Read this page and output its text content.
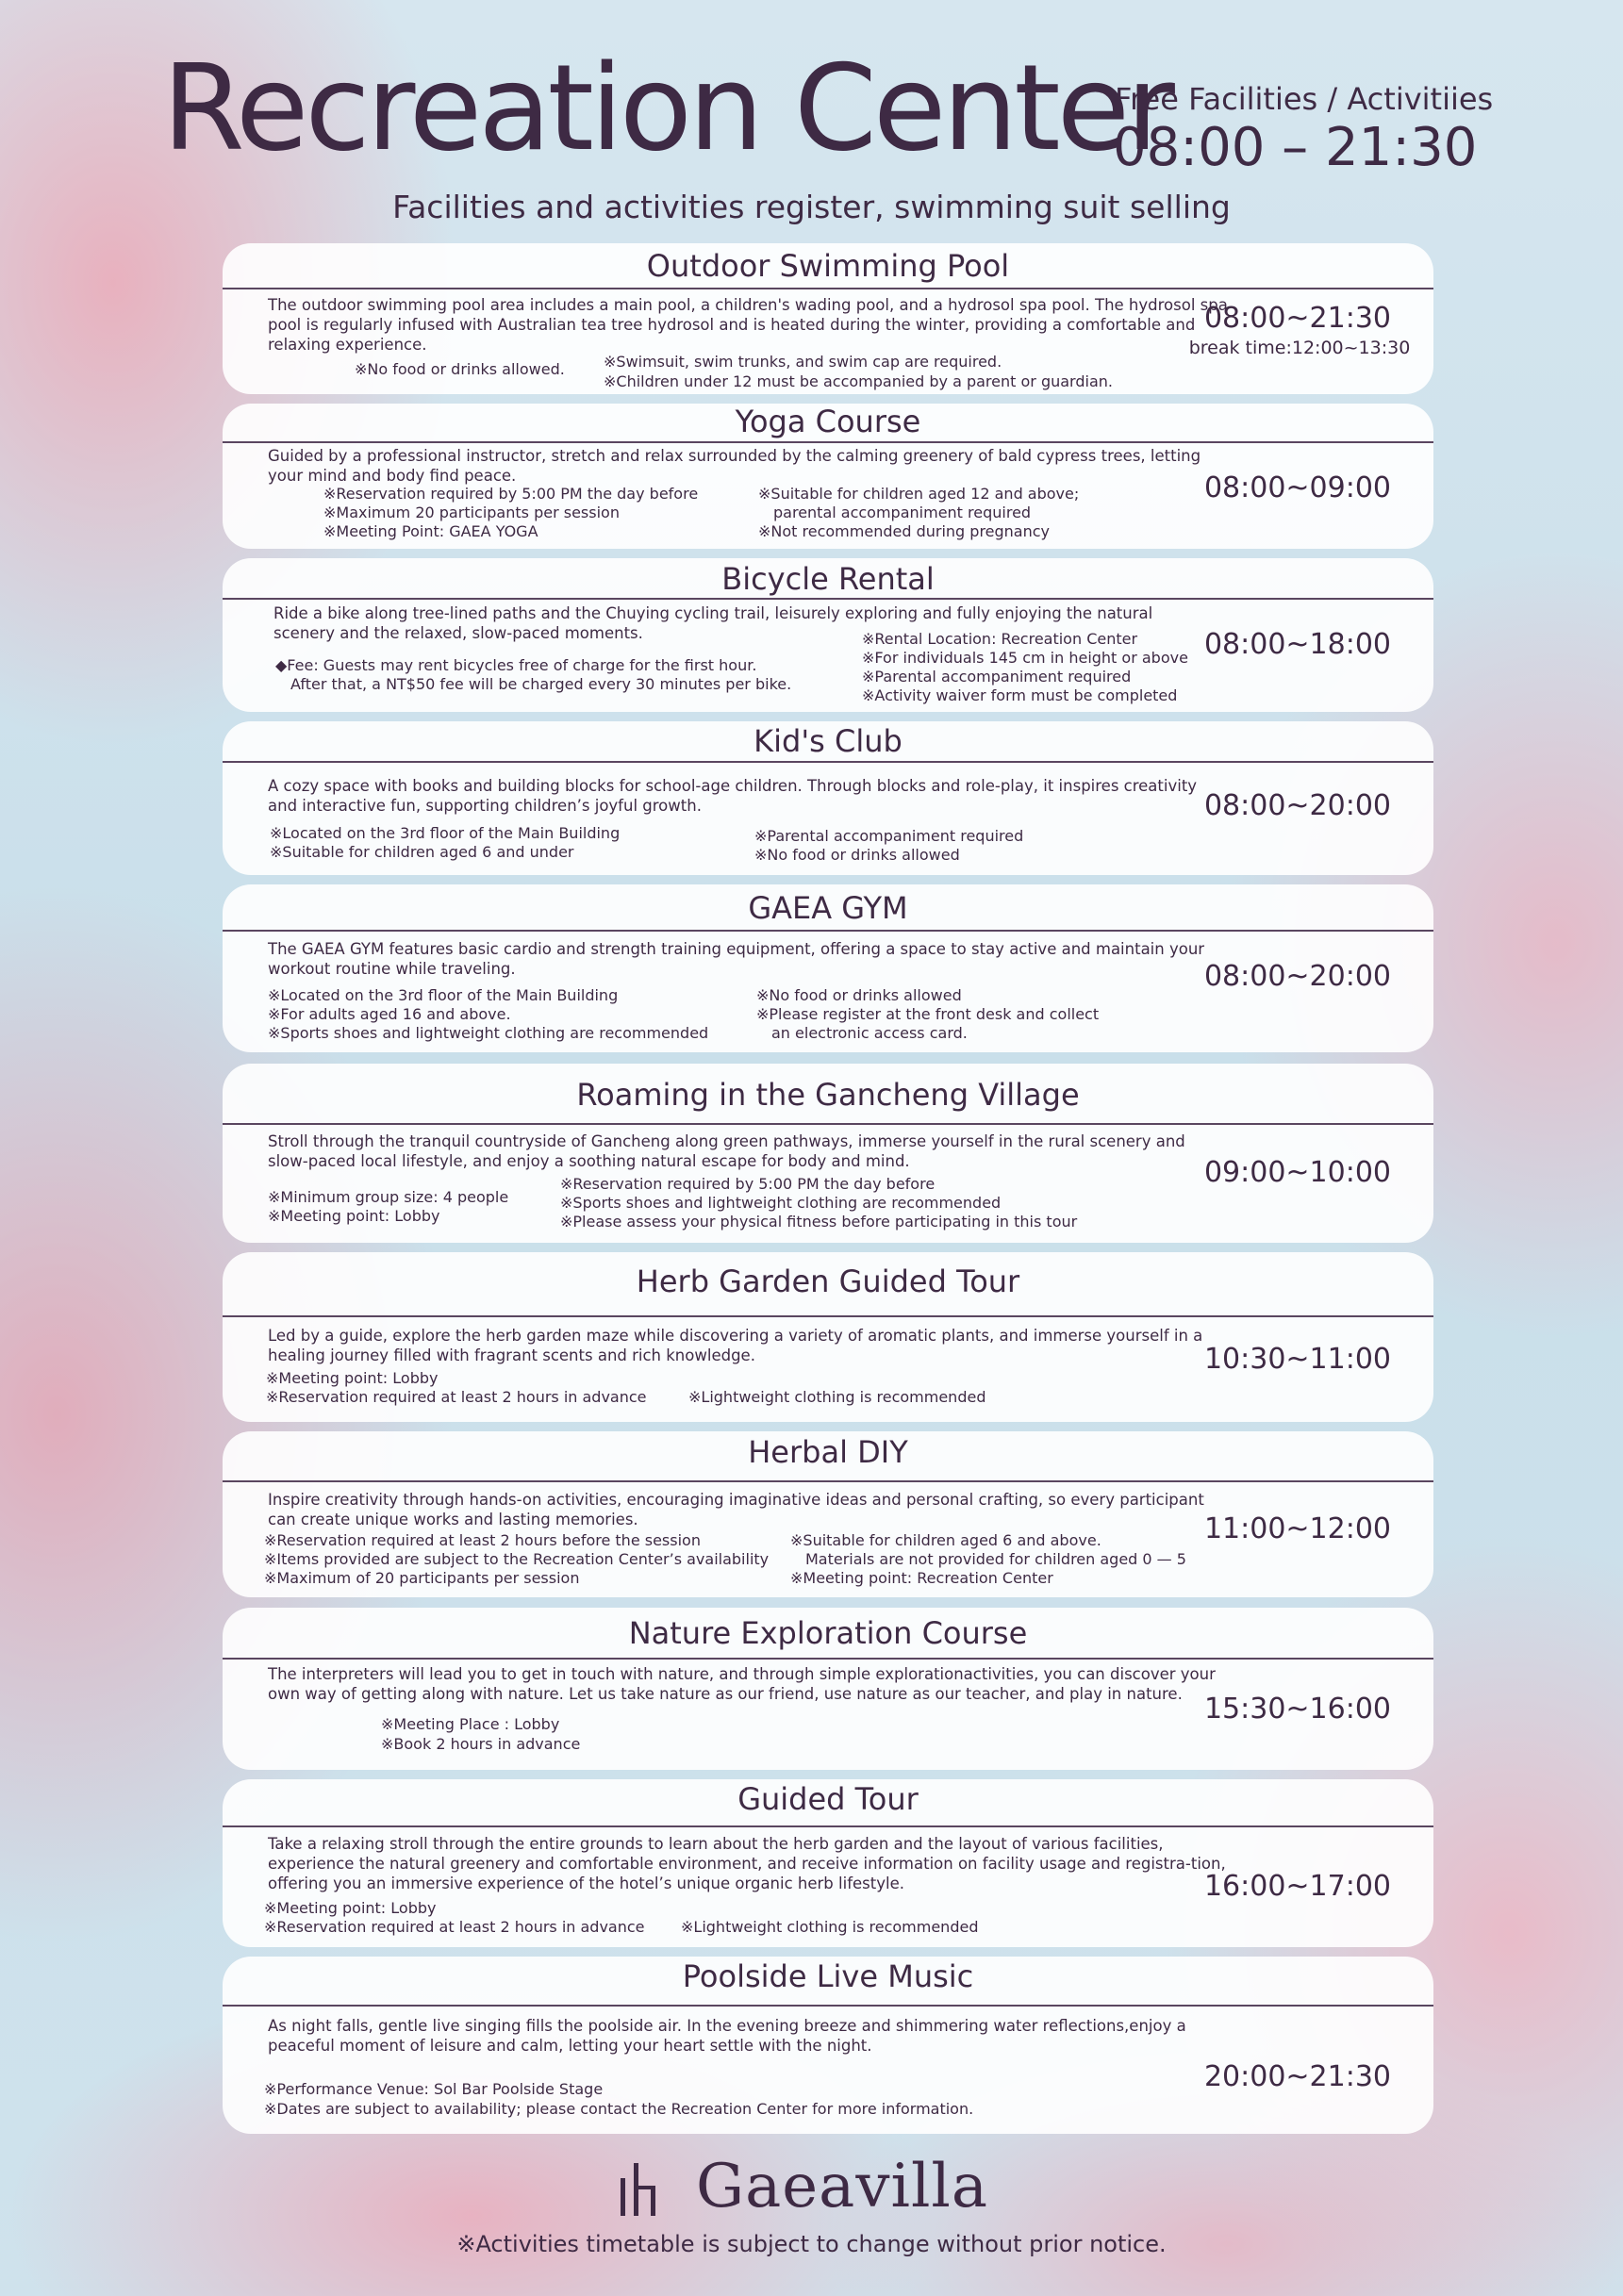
Recreation Center
Free Facilities / Activitiies
08:00 – 21:30
Facilities and activities register, swimming suit selling
Outdoor Swimming Pool
The outdoor swimming pool area includes a main pool, a children's wading pool, and a hydrosol spa pool. The hydrosol spa pool is regularly infused with Australian tea tree hydrosol and is heated during the winter, providing a comfortable and relaxing experience.
※No food or drinks allowed.	※Swimsuit, swim trunks, and swim cap are required.
※Children under 12 must be accompanied by a parent or guardian.
08:00~21:30
break time:12:00~13:30
Yoga Course
Guided by a professional instructor, stretch and relax surrounded by the calming greenery of bald cypress trees, letting your mind and body find peace.
※Reservation required by 5:00 PM the day before
※Maximum 20 participants per session
※Meeting Point: GAEA YOGA
※Suitable for children aged 12 and above;
parental accompaniment required
※Not recommended during pregnancy
08:00~09:00
Bicycle Rental
Ride a bike along tree-lined paths and the Chuying cycling trail, leisurely exploring and fully enjoying the natural scenery and the relaxed, slow-paced moments.
◆Fee: Guests may rent bicycles free of charge for the first hour.
After that, a NT$50 fee will be charged every 30 minutes per bike.
※Rental Location: Recreation Center
※For individuals 145 cm in height or above
※Parental accompaniment required
※Activity waiver form must be completed
08:00~18:00
Kid's Club
A cozy space with books and building blocks for school-age children. Through blocks and role-play, it inspires creativity and interactive fun, supporting children’s joyful growth.
※Located on the 3rd floor of the Main Building
※Suitable for children aged 6 and under
※Parental accompaniment required
※No food or drinks allowed
08:00~20:00
GAEA GYM
The GAEA GYM features basic cardio and strength training equipment, offering a space to stay active and maintain your workout routine while traveling.
※Located on the 3rd floor of the Main Building
※For adults aged 16 and above.
※Sports shoes and lightweight clothing are recommended
※No food or drinks allowed
※Please register at the front desk and collect
an electronic access card.
08:00~20:00
Roaming in the Gancheng Village
Stroll through the tranquil countryside of Gancheng along green pathways, immerse yourself in the rural scenery and slow-paced local lifestyle, and enjoy a soothing natural escape for body and mind.
※Minimum group size: 4 people
※Meeting point: Lobby
※Reservation required by 5:00 PM the day before
※Sports shoes and lightweight clothing are recommended
※Please assess your physical fitness before participating in this tour
09:00~10:00
Herb Garden Guided Tour
Led by a guide, explore the herb garden maze while discovering a variety of aromatic plants, and immerse yourself in a healing journey filled with fragrant scents and rich knowledge.
※Meeting point: Lobby
※Reservation required at least 2 hours in advance	※Lightweight clothing is recommended
10:30~11:00
Herbal DIY
Inspire creativity through hands-on activities, encouraging imaginative ideas and personal crafting, so every participant can create unique works and lasting memories.
※Reservation required at least 2 hours before the session
※Items provided are subject to the Recreation Center’s availability
※Maximum of 20 participants per session
※Suitable for children aged 6 and above.
Materials are not provided for children aged 0 — 5
※Meeting point: Recreation Center
11:00~12:00
Nature Exploration Course
The interpreters will lead you to get in touch with nature, and through simple explorationactivities, you can discover your own way of getting along with nature. Let us take nature as our friend, use nature as our teacher, and play in nature.
※Meeting Place : Lobby
※Book 2 hours in advance
15:30~16:00
Guided Tour
Take a relaxing stroll through the entire grounds to learn about the herb garden and the layout of various facilities, experience the natural greenery and comfortable environment, and receive information on facility usage and registra-tion, offering you an immersive experience of the hotel’s unique organic herb lifestyle.
※Meeting point: Lobby
※Reservation required at least 2 hours in advance ※Lightweight clothing is recommended
16:00~17:00
Poolside Live Music
As night falls, gentle live singing fills the poolside air. In the evening breeze and shimmering water reflections,enjoy a peaceful moment of leisure and calm, letting your heart settle with the night.
※Performance Venue: Sol Bar Poolside Stage
※Dates are subject to availability; please contact the Recreation Center for more information.
20:00~21:30
Gaeavilla
※Activities timetable is subject to change without prior notice.
